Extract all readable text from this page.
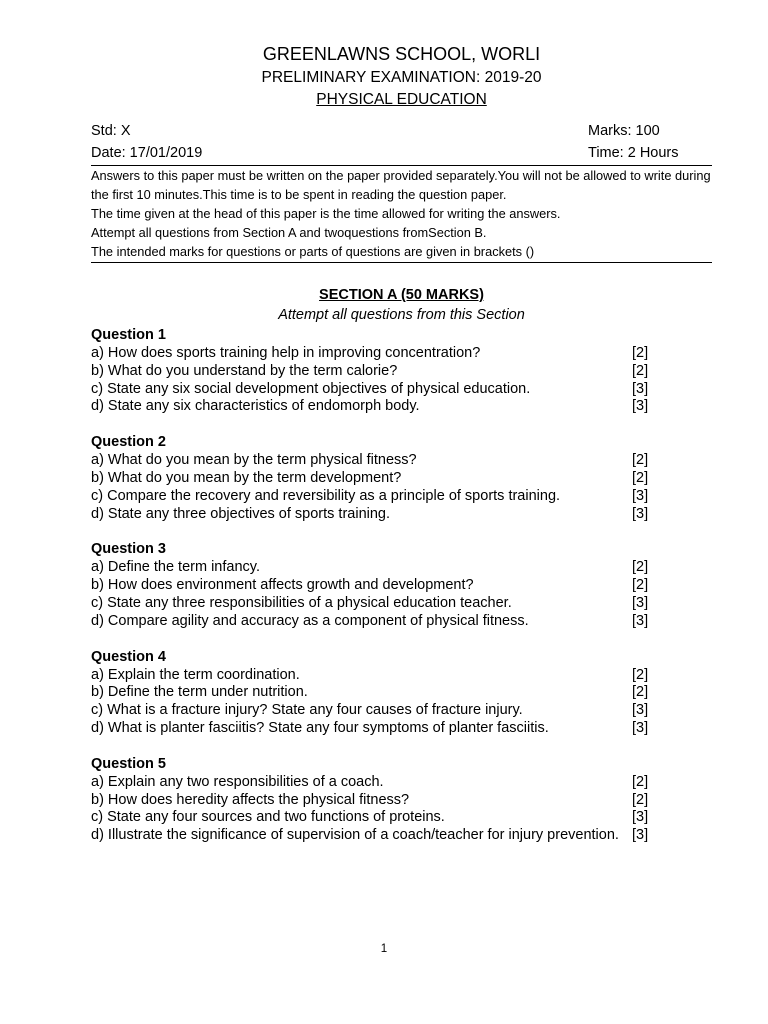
GREENLAWNS SCHOOL, WORLI
PRELIMINARY EXAMINATION: 2019-20
PHYSICAL EDUCATION
Std: X	Marks: 100
Date: 17/01/2019	Time: 2 Hours
Answers to this paper must be written on the paper provided separately.You will not be allowed to write during the first 10 minutes.This time is to be spent in reading the question paper.
The time given at the head of this paper is the time allowed for writing the answers.
Attempt all questions from Section A and twoquestions fromSection B.
The intended marks for questions or parts of questions are given in brackets ()
SECTION A (50 MARKS)
Attempt all questions from this Section
Question 1
a) How does sports training help in improving concentration?	[2]
b) What do you understand by the term calorie?	[2]
c) State any six social development objectives of physical education.	[3]
d) State any six characteristics of endomorph body.	[3]
Question 2
a) What do you mean by the term physical fitness?	[2]
b) What do you mean by the term development?	[2]
c) Compare the recovery and reversibility as a principle of sports training.	[3]
d) State any three objectives of sports training.	[3]
Question 3
a) Define the term infancy.	[2]
b) How does environment affects growth and development?	[2]
c) State any three responsibilities of a physical education teacher.	[3]
d) Compare agility and accuracy as a component of physical fitness.	[3]
Question 4
a) Explain the term coordination.	[2]
b) Define the term under nutrition.	[2]
c) What is a fracture injury? State any four causes of fracture injury.	[3]
d) What is planter fasciitis? State any four symptoms of planter fasciitis.	[3]
Question 5
a) Explain any two responsibilities of a coach.	[2]
b) How does heredity affects the physical fitness?	[2]
c) State any four sources and two functions of proteins.	[3]
d) Illustrate the significance of supervision of a coach/teacher for injury prevention. [3]
1
